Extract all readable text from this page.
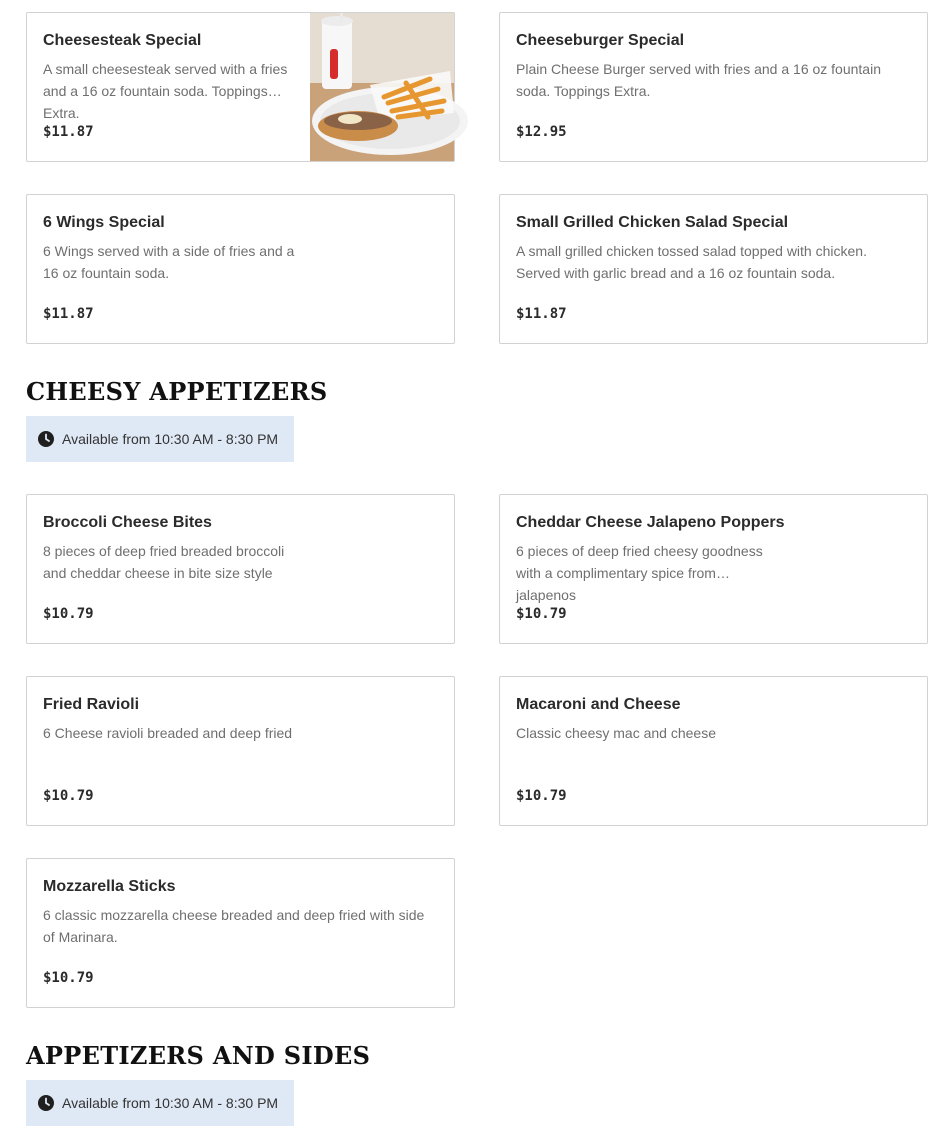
Cheesesteak Special
A small cheesesteak served with a fries and a 16 oz fountain soda. Toppings Extra.
$11.87
Cheeseburger Special
Plain Cheese Burger served with fries and a 16 oz fountain soda. Toppings Extra.
$12.95
6 Wings Special
6 Wings served with a side of fries and a 16 oz fountain soda.
$11.87
Small Grilled Chicken Salad Special
A small grilled chicken tossed salad topped with chicken. Served with garlic bread and a 16 oz fountain soda.
$11.87
CHEESY APPETIZERS
Available from 10:30 AM - 8:30 PM
Broccoli Cheese Bites
8 pieces of deep fried breaded broccoli and cheddar cheese in bite size style
$10.79
Cheddar Cheese Jalapeno Poppers
6 pieces of deep fried cheesy goodness with a complimentary spice from jalapenos
$10.79
Fried Ravioli
6 Cheese ravioli breaded and deep fried
$10.79
Macaroni and Cheese
Classic cheesy mac and cheese
$10.79
Mozzarella Sticks
6 classic mozzarella cheese breaded and deep fried with side of Marinara.
$10.79
APPETIZERS AND SIDES
Available from 10:30 AM - 8:30 PM
